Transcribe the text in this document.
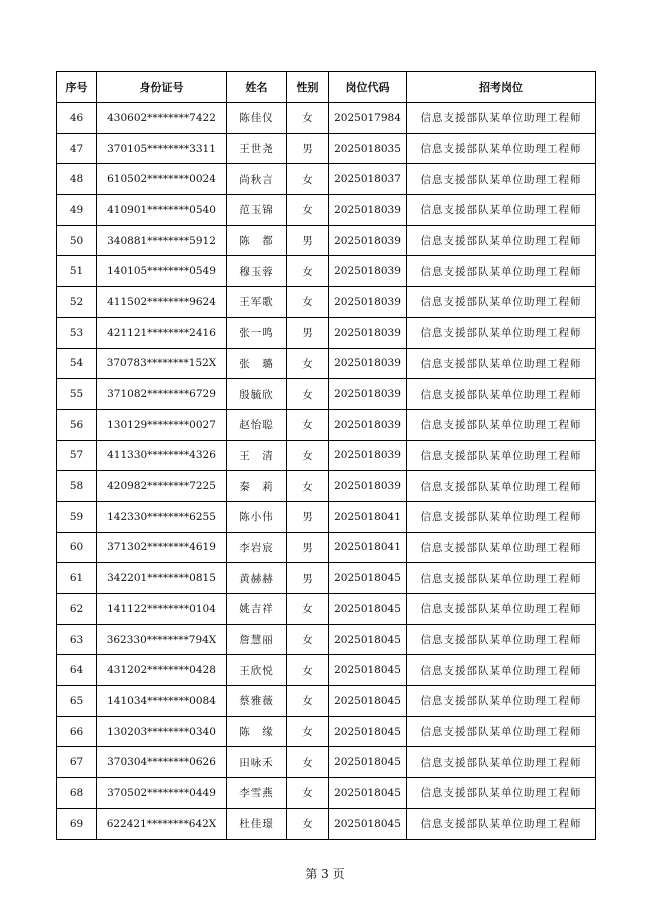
序号	身份证号	姓名	性别	岗位代码	招考岗位
46	430602********7422	陈佳仪	女	2025017984	信息支援部队某单位助理工程师
47	370105********3311	王世尧	男	2025018035	信息支援部队某单位助理工程师
48	610502********0024	尚秋言	女	2025018037	信息支援部队某单位助理工程师
49	410901********0540	范玉锦	女	2025018039	信息支援部队某单位助理工程师
50	340881********5912	陈　都	男	2025018039	信息支援部队某单位助理工程师
51	140105********0549	穆玉蓉	女	2025018039	信息支援部队某单位助理工程师
52	411502********9624	王军歌	女	2025018039	信息支援部队某单位助理工程师
53	421121********2416	张一鸣	男	2025018039	信息支援部队某单位助理工程师
54	370783********152X	张　璐	女	2025018039	信息支援部队某单位助理工程师
55	371082********6729	殷毓欣	女	2025018039	信息支援部队某单位助理工程师
56	130129********0027	赵怡聪	女	2025018039	信息支援部队某单位助理工程师
57	411330********4326	王　清	女	2025018039	信息支援部队某单位助理工程师
58	420982********7225	秦　莉	女	2025018039	信息支援部队某单位助理工程师
59	142330********6255	陈小伟	男	2025018041	信息支援部队某单位助理工程师
60	371302********4619	李岩宸	男	2025018041	信息支援部队某单位助理工程师
61	342201********0815	黄赫赫	男	2025018045	信息支援部队某单位助理工程师
62	141122********0104	姚吉祥	女	2025018045	信息支援部队某单位助理工程师
63	362330********794X	詹慧丽	女	2025018045	信息支援部队某单位助理工程师
64	431202********0428	王欣悦	女	2025018045	信息支援部队某单位助理工程师
65	141034********0084	蔡雅薇	女	2025018045	信息支援部队某单位助理工程师
66	130203********0340	陈　缘	女	2025018045	信息支援部队某单位助理工程师
67	370304********0626	田咏禾	女	2025018045	信息支援部队某单位助理工程师
68	370502********0449	李雪燕	女	2025018045	信息支援部队某单位助理工程师
69	622421********642X	杜佳璟	女	2025018045	信息支援部队某单位助理工程师
第 3 页
